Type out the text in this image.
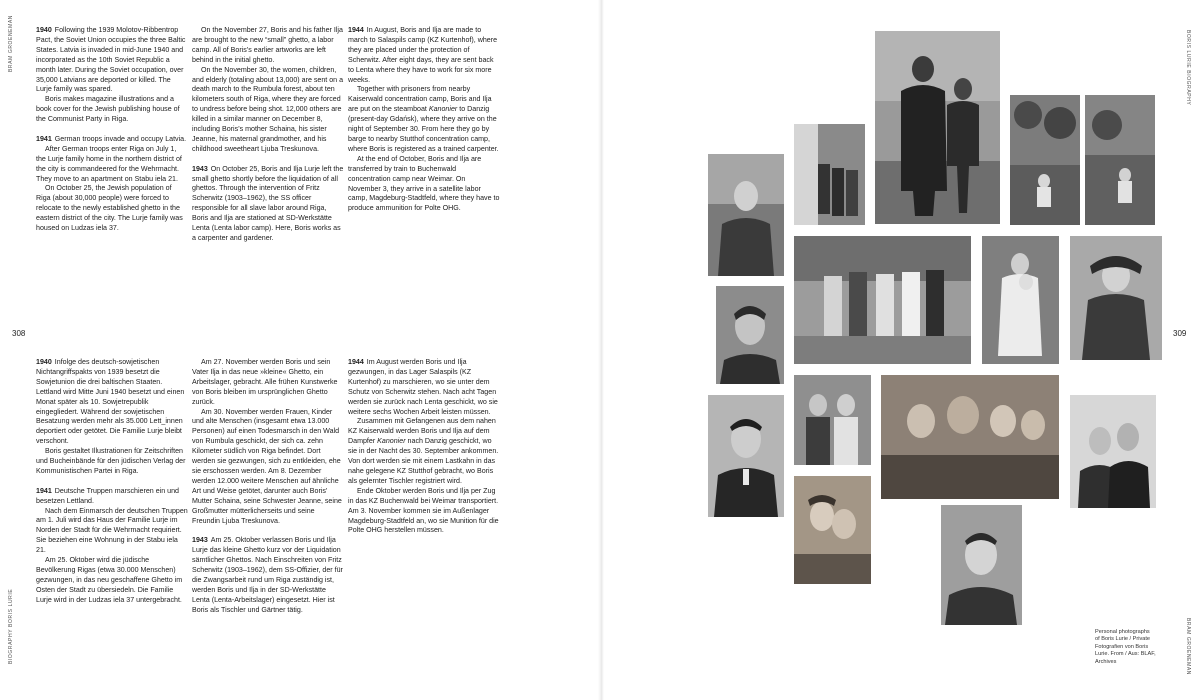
BRAM GROENEMAN
BIOGRAPHY BORIS LURIE
BORIS LURIE BIOGRAPHY
BRAM GROENEMAN
308	309

1940 Following the 1939 Molotov-Ribbentrop Pact, the Soviet Union occupies the three Baltic States. Latvia is invaded in mid-June 1940 and incorporated as the 10th Soviet Republic a month later. During the Soviet occupation, over 35,000 Latvians are deported or killed. The Lurje family was spared.

Boris makes magazine illustrations and a book cover for the Jewish publishing house of the Communist Party in Riga.

1941 German troops invade and occupy Latvia.

After German troops enter Riga on July 1, the Lurje family home in the northern district of the city is commandeered for the Wehrmacht. They move to an apartment on Stabu iela 21.

On October 25, the Jewish population of Riga (about 30,000 people) were forced to relocate to the newly established ghetto in the eastern district of the city. The Lurje family was housed on Ludzas iela 37.

On the November 27, Boris and his father Ilja are brought to the new “small” ghetto, a labor camp. All of Boris’s earlier artworks are left behind in the initial ghetto.

On the November 30, the women, children, and elderly (totaling about 13,000) are sent on a death march to the Rumbula forest, about ten kilometers south of Riga, where they are forced to undress before being shot. 12,000 others are killed in a similar manner on December 8, including Boris’s mother Schaina, his sister Jeanne, his maternal grandmother, and his childhood sweetheart Ljuba Treskunova.

1943 On October 25, Boris and Ilja Lurje left the small ghetto shortly before the liquidation of all ghettos. Through the intervention of Fritz Scherwitz (1903–1962), the SS officer responsible for all slave labor around Riga, Boris and Ilja are stationed at SD-Werkstätte Lenta (Lenta labor camp). Here, Boris works as a carpenter and gardener.

1944 In August, Boris and Ilja are made to march to Salaspils camp (KZ Kurtenhof), where they are placed under the protection of Scherwitz. After eight days, they are sent back to Lenta where they have to work for six more weeks.

Together with prisoners from nearby Kaiserwald concentration camp, Boris and Ilja are put on the steamboat Kanonier to Danzig (present-day Gdańsk), where they arrive on the night of September 30. From here they go by barge to nearby Stutthof concentration camp, where Boris is registered as a trained carpenter.

At the end of October, Boris and Ilja are transferred by train to Buchenwald concentration camp near Weimar. On November 3, they arrive in a satellite labor camp, Magdeburg-Stadtfeld, where they have to produce ammunition for Polte OHG.

1940 Infolge des deutsch-sowjetischen Nichtangriffspakts von 1939 besetzt die Sowjetunion die drei baltischen Staaten. Lettland wird Mitte Juni 1940 besetzt und einen Monat später als 10. Sowjetrepublik eingegliedert. Während der sowjetischen Besatzung werden mehr als 35.000 Lett_innen deportiert oder getötet. Die Familie Lurje bleibt verschont.

Boris gestaltet Illustrationen für Zeitschriften und Bucheinbände für den jüdischen Verlag der Kommunistischen Partei in Riga.

1941 Deutsche Truppen marschieren ein und besetzen Lettland.

Nach dem Einmarsch der deutschen Truppen am 1. Juli wird das Haus der Familie Lurje im Norden der Stadt für die Wehrmacht requiriert. Sie beziehen eine Wohnung in der Stabu iela 21.

Am 25. Oktober wird die jüdische Bevölkerung Rigas (etwa 30.000 Menschen) gezwungen, in das neu geschaffene Ghetto im Osten der Stadt zu übersiedeln. Die Familie Lurje wird in der Ludzas iela 37 untergebracht.

Am 27. November werden Boris und sein Vater Ilja in das neue »kleine« Ghetto, ein Arbeitslager, gebracht. Alle frühen Kunstwerke von Boris bleiben im ursprünglichen Ghetto zurück.

Am 30. November werden Frauen, Kinder und alte Menschen (insgesamt etwa 13.000 Personen) auf einen Todesmarsch in den Wald von Rumbula geschickt, der sich ca. zehn Kilometer südlich von Riga befindet. Dort werden sie gezwungen, sich zu entkleiden, ehe sie erschossen werden. Am 8. Dezember werden 12.000 weitere Menschen auf ähnliche Art und Weise getötet, darunter auch Boris’ Mutter Schaina, seine Schwester Jeanne, seine Großmutter mütterlicherseits und seine Freundin Ljuba Treskunova.

1943 Am 25. Oktober verlassen Boris und Ilja Lurje das kleine Ghetto kurz vor der Liquidation sämtlicher Ghettos. Nach Einschreiten von Fritz Scherwitz (1903–1962), dem SS-Offizier, der für die Zwangsarbeit rund um Riga zuständig ist, werden Boris und Ilja in der SD-Werkstätte Lenta (Lenta-Arbeitslager) eingesetzt. Hier ist Boris als Tischler und Gärtner tätig.

1944 Im August werden Boris und Ilja gezwungen, in das Lager Salaspils (KZ Kurtenhof) zu marschieren, wo sie unter dem Schutz von Scherwitz stehen. Nach acht Tagen werden sie zurück nach Lenta geschickt, wo sie weitere sechs Wochen Arbeit leisten müssen.

Zusammen mit Gefangenen aus dem nahen KZ Kaiserwald werden Boris und Ilja auf dem Dampfer Kanonier nach Danzig geschickt, wo sie in der Nacht des 30. September ankommen. Von dort werden sie mit einem Lastkahn in das nahe gelegene KZ Stutthof gebracht, wo Boris als gelernter Tischler registriert wird.

Ende Oktober werden Boris und Ilja per Zug in das KZ Buchenwald bei Weimar transportiert. Am 3. November kommen sie im Außenlager Magdeburg-Stadtfeld an, wo sie Munition für die Polte OHG herstellen müssen.

Personal photographs

of Boris Lurie / Private

Fotografien von Boris

Lurie. From / Aus: BLAF,

Archives
